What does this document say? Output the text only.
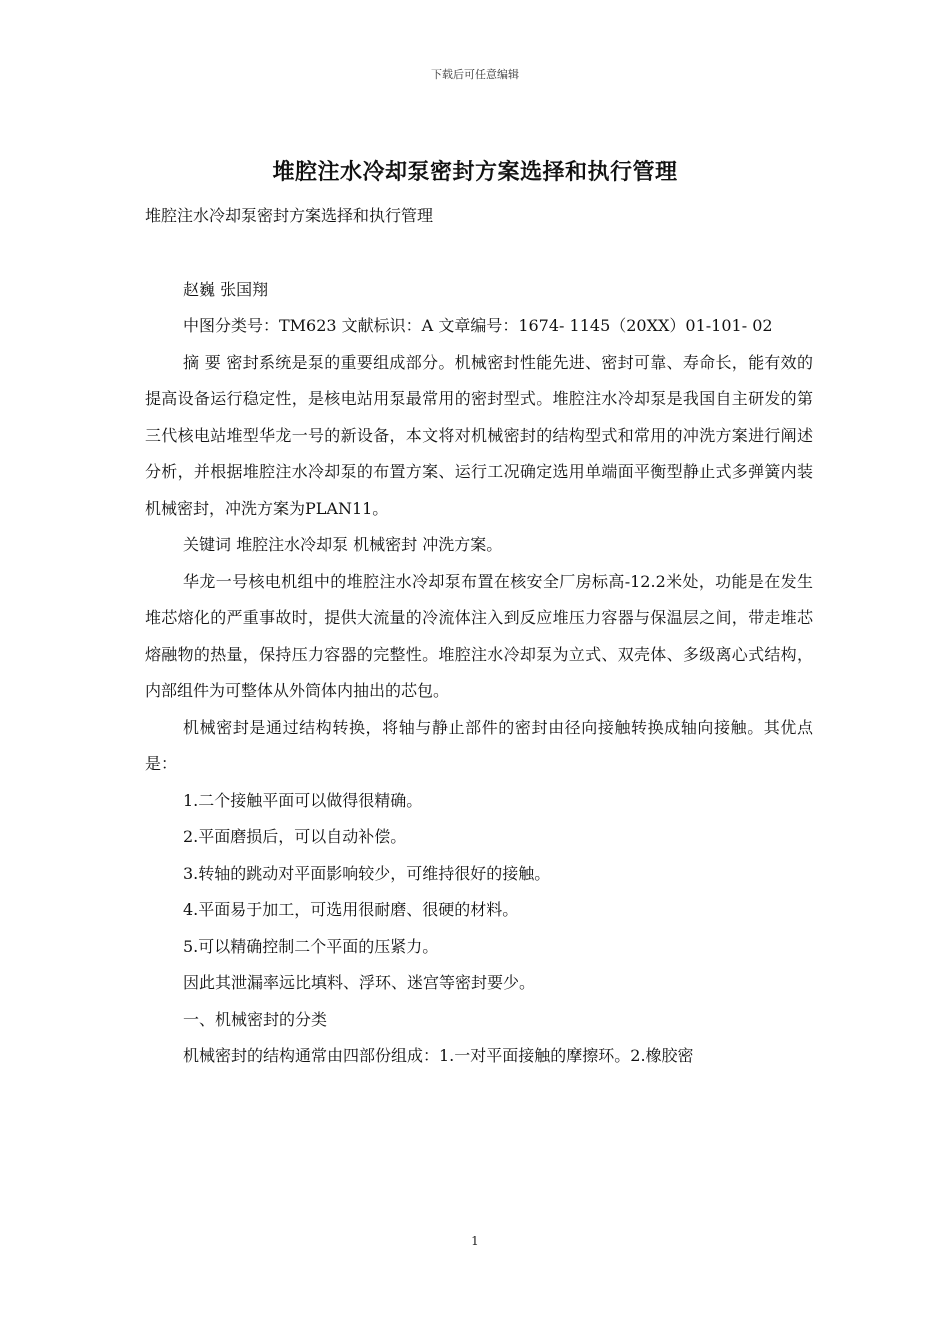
下载后可任意编辑
堆腔注水冷却泵密封方案选择和执行管理

堆腔注水冷却泵密封方案选择和执行管理

赵巍 张国翔

中图分类号：TM623 文献标识：A 文章编号：1674- 1145（20XX）01-101- 02

摘 要 密封系统是泵的重要组成部分。机械密封性能先进、密封可靠、寿命长，能有效的提高设备运行稳定性，是核电站用泵最常用的密封型式。堆腔注水冷却泵是我国自主研发的第三代核电站堆型华龙一号的新设备，本文将对机械密封的结构型式和常用的冲洗方案进行阐述分析，并根据堆腔注水冷却泵的布置方案、运行工况确定选用单端面平衡型静止式多弹簧内装机械密封，冲洗方案为PLAN11。

关键词 堆腔注水冷却泵 机械密封 冲洗方案。

华龙一号核电机组中的堆腔注水冷却泵布置在核安全厂房标高-12.2米处，功能是在发生堆芯熔化的严重事故时，提供大流量的冷流体注入到反应堆压力容器与保温层之间，带走堆芯熔融物的热量，保持压力容器的完整性。堆腔注水冷却泵为立式、双壳体、多级离心式结构，内部组件为可整体从外筒体内抽出的芯包。

机械密封是通过结构转换，将轴与静止部件的密封由径向接触转换成轴向接触。其优点是：

1.二个接触平面可以做得很精确。

2.平面磨损后，可以自动补偿。

3.转轴的跳动对平面影响较少，可维持很好的接触。

4.平面易于加工，可选用很耐磨、很硬的材料。

5.可以精确控制二个平面的压紧力。

因此其泄漏率远比填料、浮环、迷宫等密封要少。

一、机械密封的分类

机械密封的结构通常由四部份组成：1.一对平面接触的摩擦环。2.橡胶密

1
